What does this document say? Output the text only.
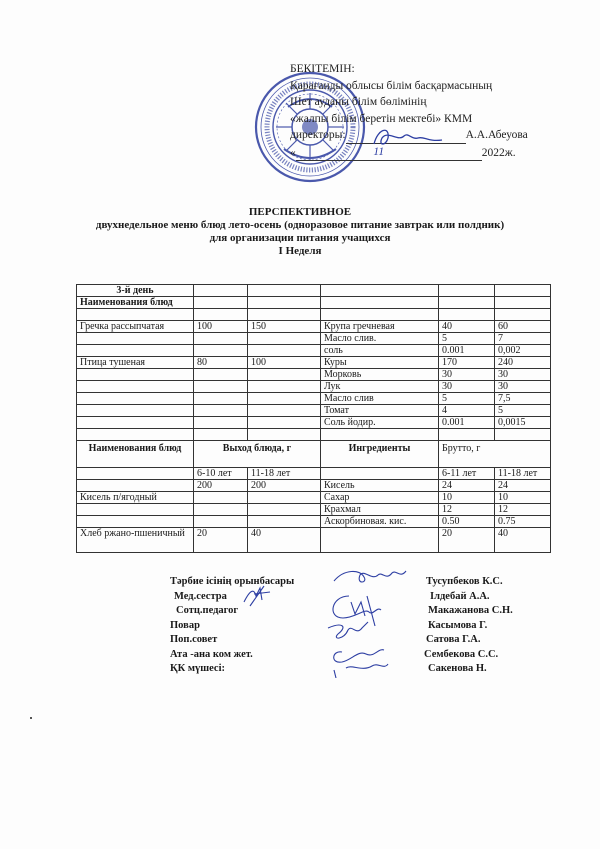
БЕКІТЕМІН:
Қарағанды облысы білім басқармасының
Шет ауданы білім бөлімінің
«жалпы білім беретін мектебі» КММ
директоры:	А.А.Абеуова
«	11	2022ж.
ПЕРСПЕКТИВНОЕ
двухнедельное меню блюд лето-осень (одноразовое питание завтрак или полдник)
для организации питания учащихся
I Неделя
3-й день					
Наименования блюд					

Гречка рассыпчатая	100	150	Крупа гречневая	40	60
			Масло слив.	5	7
			соль	0.001	0,002
Птица тушеная	80	100	Куры	170	240
			Морковь	30	30
			Лук	30	30
			Масло слив	5	7,5
			Томат	4	5
			Соль йодир.	0.001	0,0015

Наименования блюд	Выход блюда, г		Ингредиенты	Брутто, г	
	6-10 лет	11-18 лет		6-11 лет	11-18 лет
	200	200	Кисель	24	24
Кисель п/ягодный			Сахар	10	10
			Крахмал	12	12
			Аскорбиновая. кис.	0.50	0.75
Хлеб ржано-пшеничный	20	40		20	40
Тәрбие ісінің орынбасары	Тусупбеков К.С.
Мед.сестра	Ілдебай А.А.
Сотц.педагог	Макажанова С.Н.
Повар	Касымова Г.
Поп.совет	Сатова Г.А.
Ата -ана ком жет.	Сембекова С.С.
ҚК мүшесі:	Сакенова Н.
